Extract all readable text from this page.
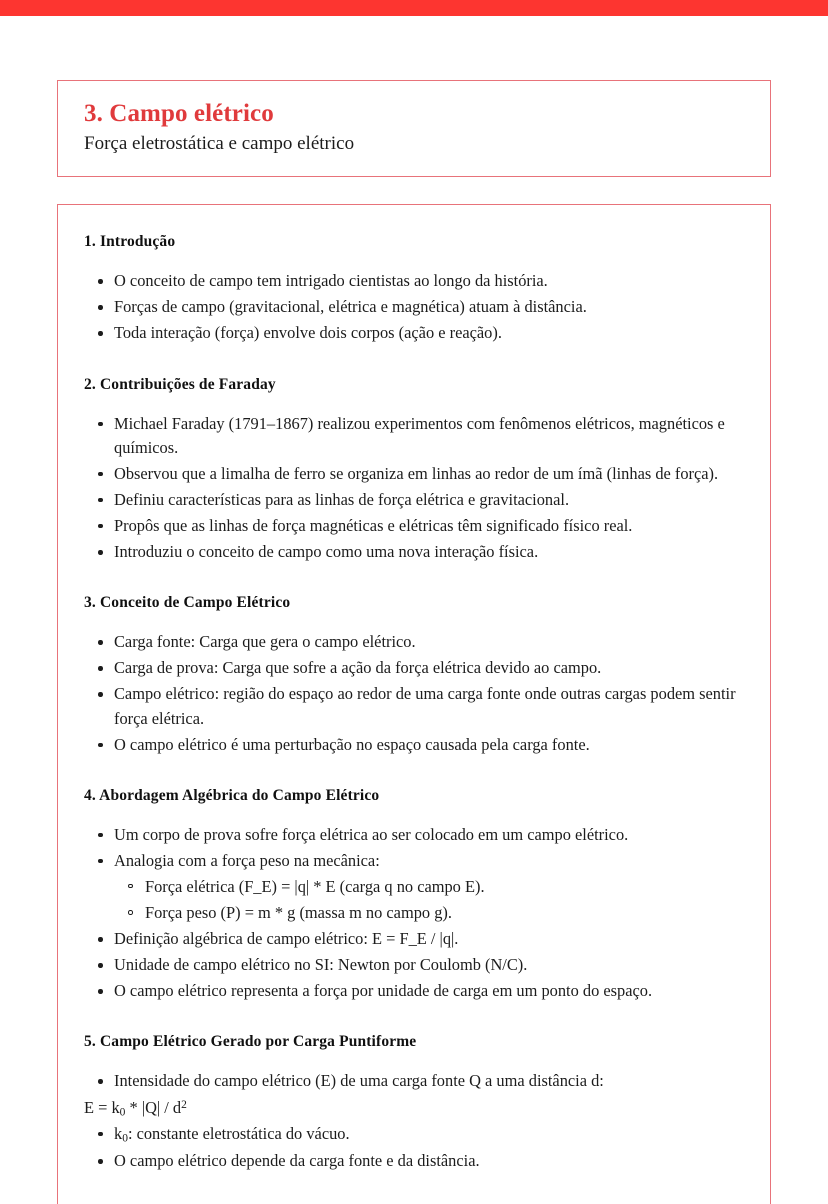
3. Campo elétrico
Força eletrostática e campo elétrico
1. Introdução
O conceito de campo tem intrigado cientistas ao longo da história.
Forças de campo (gravitacional, elétrica e magnética) atuam à distância.
Toda interação (força) envolve dois corpos (ação e reação).
2. Contribuições de Faraday
Michael Faraday (1791–1867) realizou experimentos com fenômenos elétricos, magnéticos e químicos.
Observou que a limalha de ferro se organiza em linhas ao redor de um ímã (linhas de força).
Definiu características para as linhas de força elétrica e gravitacional.
Propôs que as linhas de força magnéticas e elétricas têm significado físico real.
Introduziu o conceito de campo como uma nova interação física.
3. Conceito de Campo Elétrico
Carga fonte: Carga que gera o campo elétrico.
Carga de prova: Carga que sofre a ação da força elétrica devido ao campo.
Campo elétrico: região do espaço ao redor de uma carga fonte onde outras cargas podem sentir força elétrica.
O campo elétrico é uma perturbação no espaço causada pela carga fonte.
4. Abordagem Algébrica do Campo Elétrico
Um corpo de prova sofre força elétrica ao ser colocado em um campo elétrico.
Analogia com a força peso na mecânica:
Força elétrica (F_E) = |q| * E (carga q no campo E).
Força peso (P) = m * g (massa m no campo g).
Definição algébrica de campo elétrico: E = F_E / |q|.
Unidade de campo elétrico no SI: Newton por Coulomb (N/C).
O campo elétrico representa a força por unidade de carga em um ponto do espaço.
5. Campo Elétrico Gerado por Carga Puntiforme
Intensidade do campo elétrico (E) de uma carga fonte Q a uma distância d:
$E = k_0 * |Q| / d^2$
$k_0$: constante eletrostática do vácuo.
O campo elétrico depende da carga fonte e da distância.
